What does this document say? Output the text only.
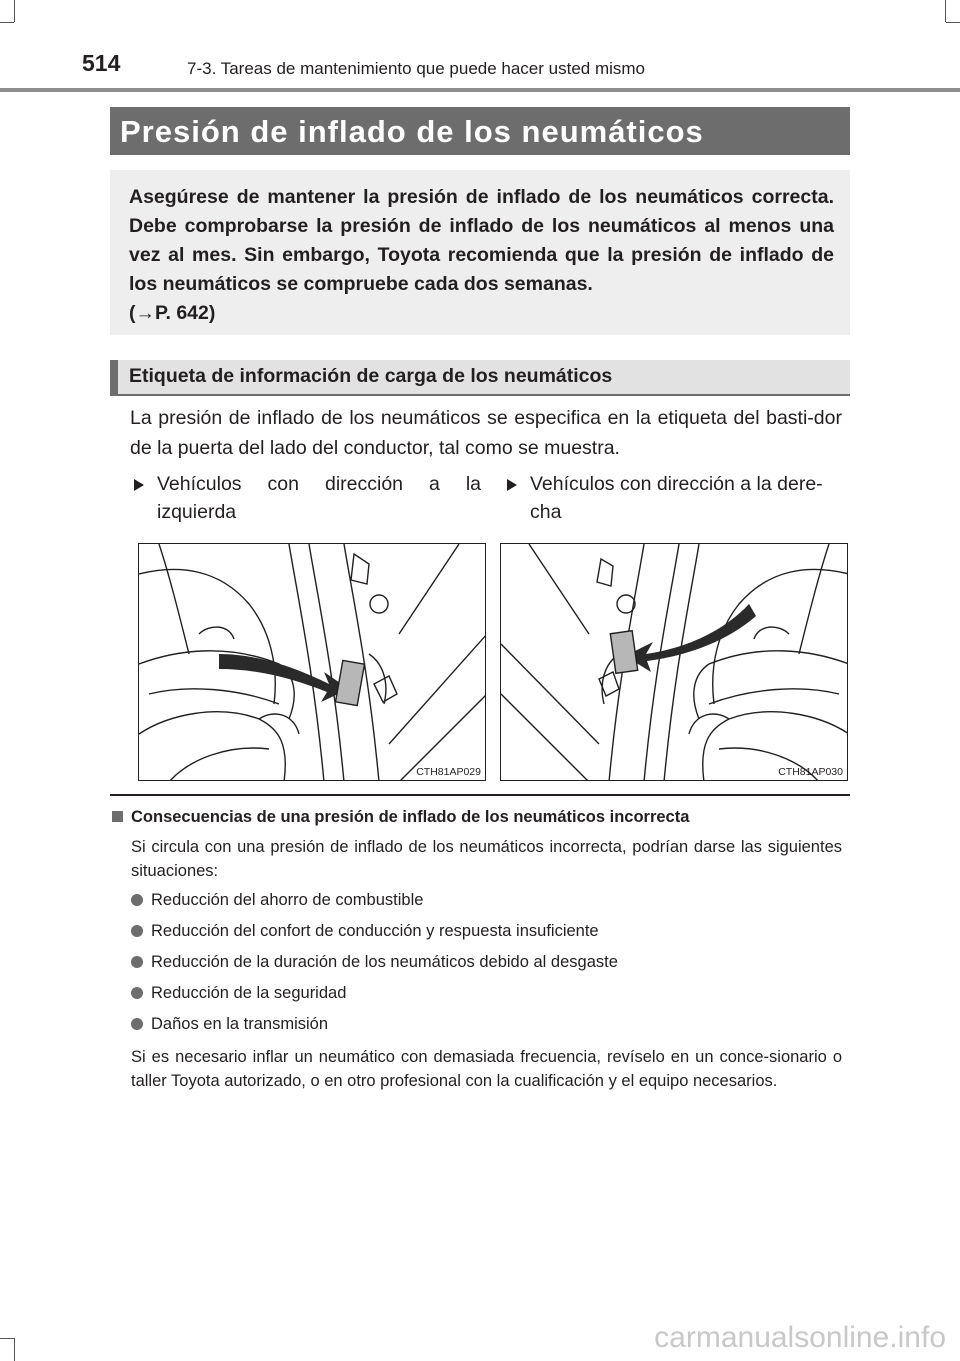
514	7-3. Tareas de mantenimiento que puede hacer usted mismo
Presión de inflado de los neumáticos
Asegúrese de mantener la presión de inflado de los neumáticos correcta. Debe comprobarse la presión de inflado de los neumáticos al menos una vez al mes. Sin embargo, Toyota recomienda que la presión de inflado de los neumáticos se compruebe cada dos semanas.
(→P. 642)
Etiqueta de información de carga de los neumáticos
La presión de inflado de los neumáticos se especifica en la etiqueta del basti-dor de la puerta del lado del conductor, tal como se muestra.
Vehículos con dirección a la
izquierda
Vehículos con dirección a la dere-cha
CTH81AP029	CTH81AP030
Consecuencias de una presión de inflado de los neumáticos incorrecta
Si circula con una presión de inflado de los neumáticos incorrecta, podrían darse las siguientes situaciones:
Reducción del ahorro de combustible
Reducción del confort de conducción y respuesta insuficiente
Reducción de la duración de los neumáticos debido al desgaste
Reducción de la seguridad
Daños en la transmisión
Si es necesario inflar un neumático con demasiada frecuencia, revíselo en un conce-sionario o taller Toyota autorizado, o en otro profesional con la cualificación y el equipo necesarios.
carmanualsonline.info
